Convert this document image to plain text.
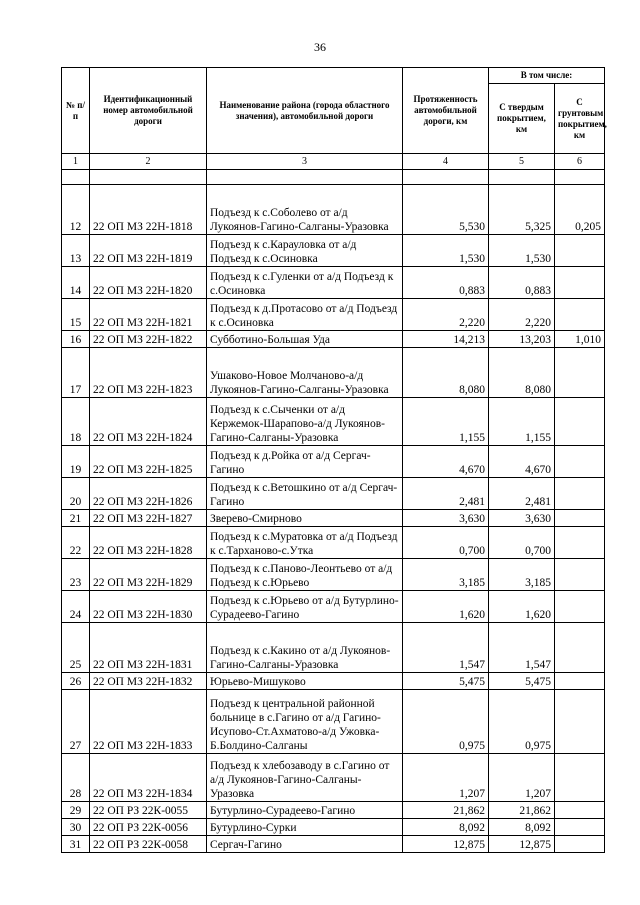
36
№ п/п	Идентификационный номер автомобильной дороги	Наименование района (города областного значения), автомобильной дороги	Протяженность автомобильной дороги, км	В том числе:	
				С твердым покрытием, км	С грунтовым покрытием, км
1	2	3	4	5	6

12	22 ОП МЗ 22Н-1818	Подъезд к с.Соболево от а/д Лукоянов-Гагино-Салганы-Уразовка	5,530	5,325	0,205
13	22 ОП МЗ 22Н-1819	Подъезд к с.Карауловка от а/д Подъезд к с.Осиновка	1,530	1,530	
14	22 ОП МЗ 22Н-1820	Подъезд к с.Гуленки от а/д Подъезд к с.Осиновка	0,883	0,883	
15	22 ОП МЗ 22Н-1821	Подъезд к д.Протасово от а/д Подъезд к с.Осиновка	2,220	2,220	
16	22 ОП МЗ 22Н-1822	Субботино-Большая Уда	14,213	13,203	1,010
17	22 ОП МЗ 22Н-1823	Ушаково-Новое Молчаново-а/д Лукоянов-Гагино-Салганы-Уразовка	8,080	8,080	
18	22 ОП МЗ 22Н-1824	Подъезд к с.Сыченки от а/д Кержемок-Шарапово-а/д Лукоянов-Гагино-Салганы-Уразовка	1,155	1,155	
19	22 ОП МЗ 22Н-1825	Подъезд к д.Ройка от а/д Сергач-Гагино	4,670	4,670	
20	22 ОП МЗ 22Н-1826	Подъезд к с.Ветошкино от а/д Сергач-Гагино	2,481	2,481	
21	22 ОП МЗ 22Н-1827	Зверево-Смирново	3,630	3,630	
22	22 ОП МЗ 22Н-1828	Подъезд к с.Муратовка от а/д Подъезд к с.Тарханово-с.Утка	0,700	0,700	
23	22 ОП МЗ 22Н-1829	Подъезд к с.Паново-Леонтьево от а/д Подъезд к с.Юрьево	3,185	3,185	
24	22 ОП МЗ 22Н-1830	Подъезд к с.Юрьево от а/д Бутурлино-Сурадеево-Гагино	1,620	1,620	
25	22 ОП МЗ 22Н-1831	Подъезд к с.Какино от а/д Лукоянов-Гагино-Салганы-Уразовка	1,547	1,547	
26	22 ОП МЗ 22Н-1832	Юрьево-Мишуково	5,475	5,475	
27	22 ОП МЗ 22Н-1833	Подъезд к центральной районной больнице в с.Гагино от а/д Гагино-Исупово-Ст.Ахматово-а/д Ужовка-Б.Болдино-Салганы	0,975	0,975	
28	22 ОП МЗ 22Н-1834	Подъезд к хлебозаводу в с.Гагино от а/д Лукоянов-Гагино-Салганы-Уразовка	1,207	1,207	
29	22 ОП РЗ 22К-0055	Бутурлино-Сурадеево-Гагино	21,862	21,862	
30	22 ОП РЗ 22К-0056	Бутурлино-Сурки	8,092	8,092	
31	22 ОП РЗ 22К-0058	Сергач-Гагино	12,875	12,875	
